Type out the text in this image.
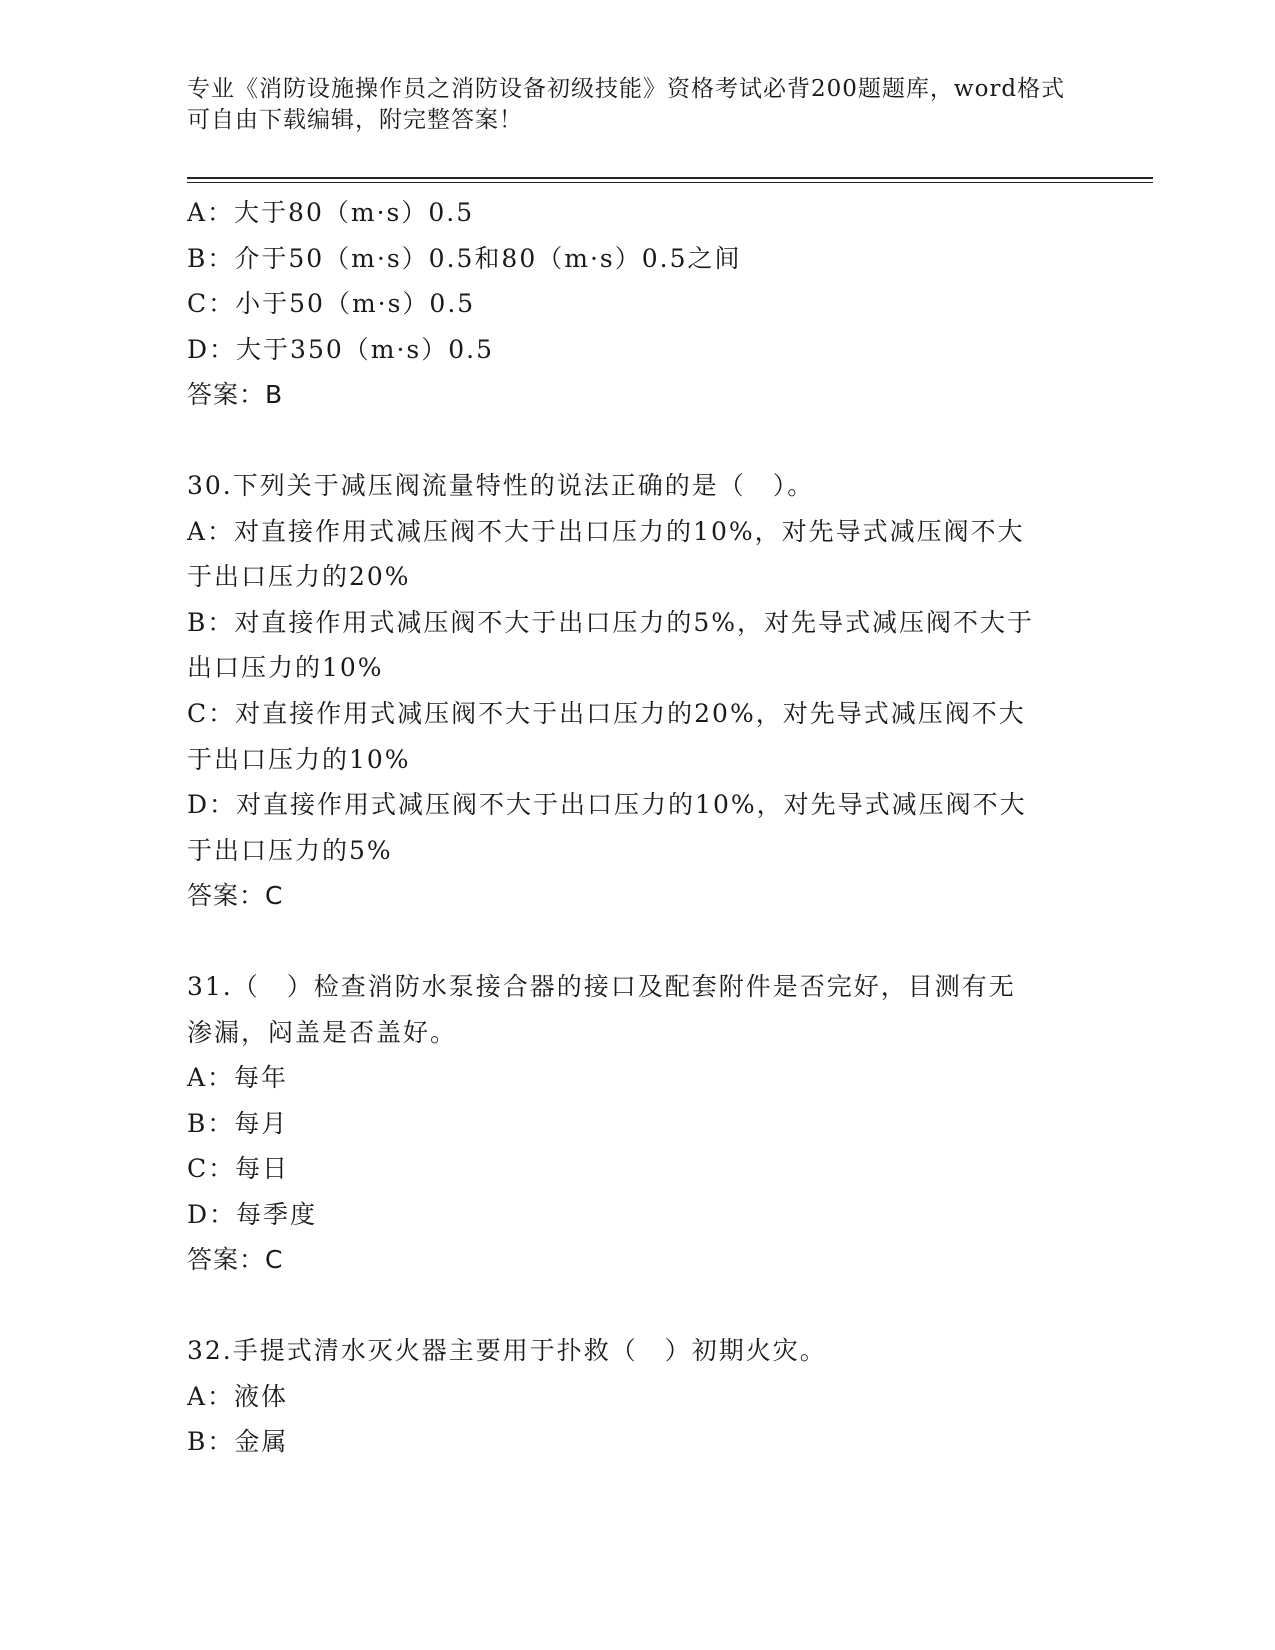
专业《消防设施操作员之消防设备初级技能》资格考试必背200题题库，word格式可自由下载编辑，附完整答案！
A：大于80（m·s）0.5
B：介于50（m·s）0.5和80（m·s）0.5之间
C：小于50（m·s）0.5
D：大于350（m·s）0.5
答案：B
30.下列关于减压阀流量特性的说法正确的是（　）。
A：对直接作用式减压阀不大于出口压力的10%，对先导式减压阀不大
于出口压力的20%
B：对直接作用式减压阀不大于出口压力的5%，对先导式减压阀不大于
出口压力的10%
C：对直接作用式减压阀不大于出口压力的20%，对先导式减压阀不大
于出口压力的10%
D：对直接作用式减压阀不大于出口压力的10%，对先导式减压阀不大
于出口压力的5%
答案：C
31.（　）检查消防水泵接合器的接口及配套附件是否完好，目测有无
渗漏，闷盖是否盖好。
A：每年
B：每月
C：每日
D：每季度
答案：C
32.手提式清水灭火器主要用于扑救（　）初期火灾。
A：液体
B：金属
